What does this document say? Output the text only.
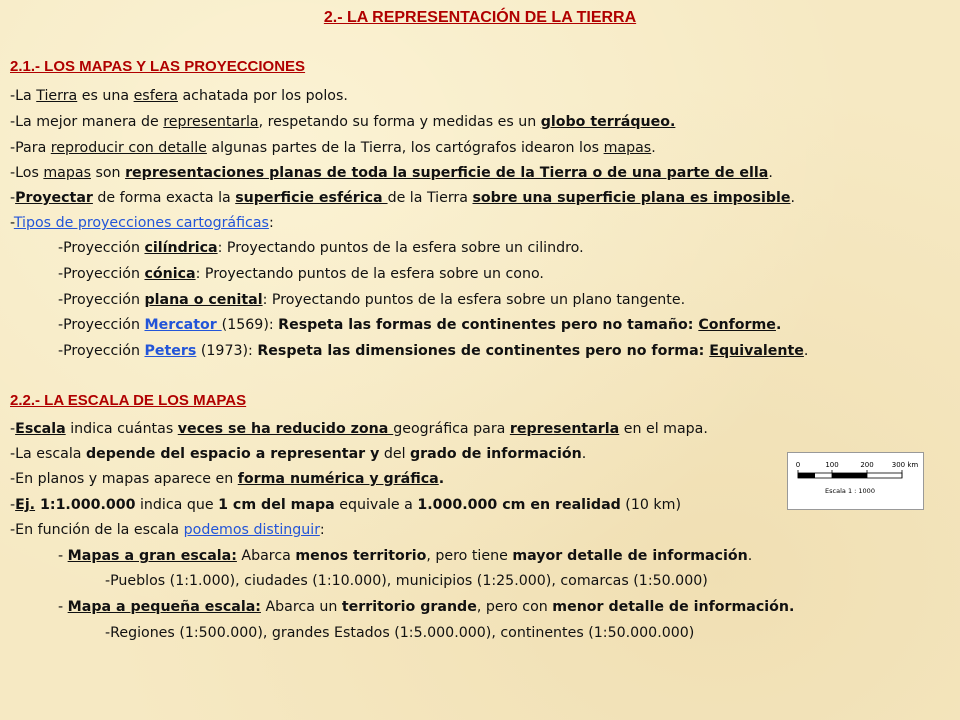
2.- LA REPRESENTACIÓN DE LA TIERRA
2.1.- LOS MAPAS Y LAS PROYECCIONES
-La Tierra es una esfera achatada por los polos.
-La mejor manera de representarla, respetando su forma y medidas es un globo terráqueo.
-Para reproducir con detalle algunas partes de la Tierra, los cartógrafos idearon los mapas.
-Los mapas son representaciones planas de toda la superficie de la Tierra o de una parte de ella.
-Proyectar de forma exacta la superficie esférica de la Tierra sobre una superficie plana es imposible.
-Tipos de proyecciones cartográficas:
-Proyección cilíndrica: Proyectando puntos de la esfera sobre un cilindro.
-Proyección cónica: Proyectando puntos de la esfera sobre un cono.
-Proyección plana o cenital: Proyectando puntos de la esfera sobre un plano tangente.
-Proyección Mercator (1569): Respeta las formas de continentes pero no tamaño: Conforme.
-Proyección Peters (1973): Respeta las dimensiones de continentes pero no forma: Equivalente.
2.2.- LA ESCALA DE LOS MAPAS
-Escala indica cuántas veces se ha reducido zona geográfica para representarla en el mapa.
-La escala depende del espacio a representar y del grado de información.
-En planos y mapas aparece en forma numérica y gráfica.
-Ej. 1:1.000.000 indica que 1 cm del mapa equivale a 1.000.000 cm en realidad (10 km)
-En función de la escala podemos distinguir:
- Mapas a gran escala: Abarca menos territorio, pero tiene mayor detalle de información.
-Pueblos (1:1.000), ciudades (1:10.000), municipios (1:25.000), comarcas (1:50.000)
- Mapa a pequeña escala: Abarca un territorio grande, pero con menor detalle de información.
-Regiones (1:500.000), grandes Estados (1:5.000.000), continentes (1:50.000.000)
0	100	200	300 km
Escala 1 : 1000
